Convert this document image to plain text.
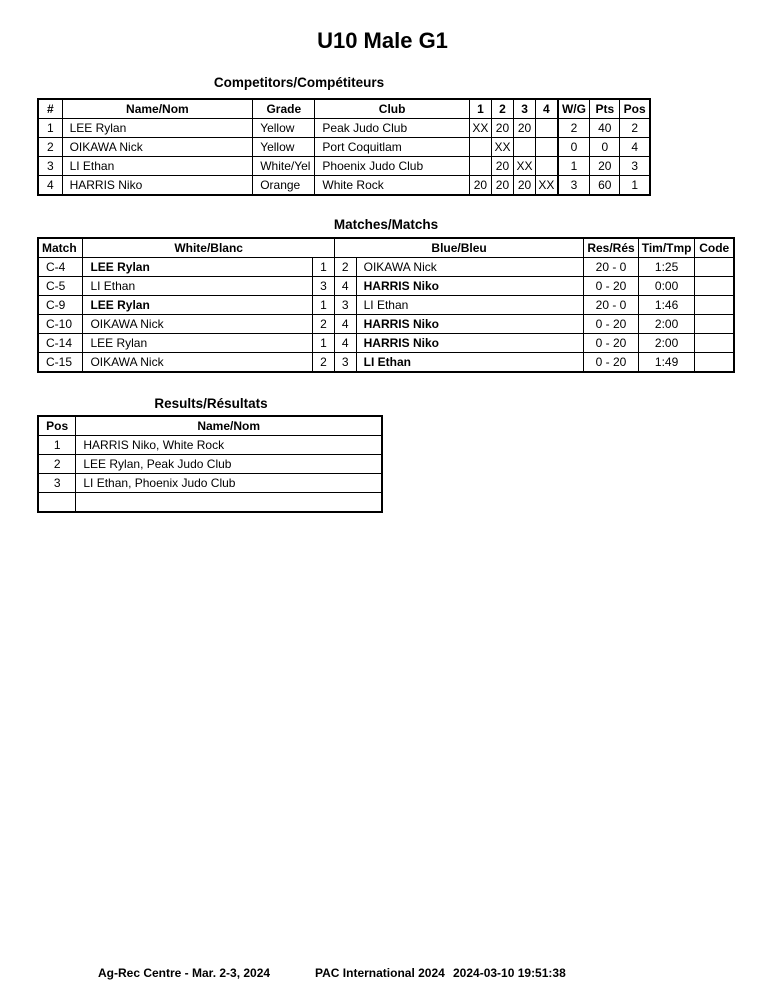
U10 Male G1
Competitors/Compétiteurs
#	Name/Nom	Grade	Club	1	2	3	4	W/G	Pts	Pos
1	LEE Rylan	Yellow	Peak Judo Club	XX	20	20		2	40	2
2	OIKAWA Nick	Yellow	Port Coquitlam		XX			0	0	4
3	LI Ethan	White/Yel	Phoenix Judo Club		20	XX		1	20	3
4	HARRIS Niko	Orange	White Rock	20	20	20	XX	3	60	1
Matches/Matchs
Match	White/Blanc		Blue/Bleu		Res/Rés	Tim/Tmp	Code
C-4	LEE Rylan	1	2	OIKAWA Nick	20 - 0	1:25	
C-5	LI Ethan	3	4	HARRIS Niko	0 - 20	0:00	
C-9	LEE Rylan	1	3	LI Ethan	20 - 0	1:46	
C-10	OIKAWA Nick	2	4	HARRIS Niko	0 - 20	2:00	
C-14	LEE Rylan	1	4	HARRIS Niko	0 - 20	2:00	
C-15	OIKAWA Nick	2	3	LI Ethan	0 - 20	1:49	
Results/Résultats
Pos	Name/Nom
1	HARRIS Niko, White Rock
2	LEE Rylan, Peak Judo Club
3	LI Ethan, Phoenix Judo Club

Ag-Rec Centre - Mar. 2-3, 2024	PAC International 2024 2024-03-10 19:51:38
